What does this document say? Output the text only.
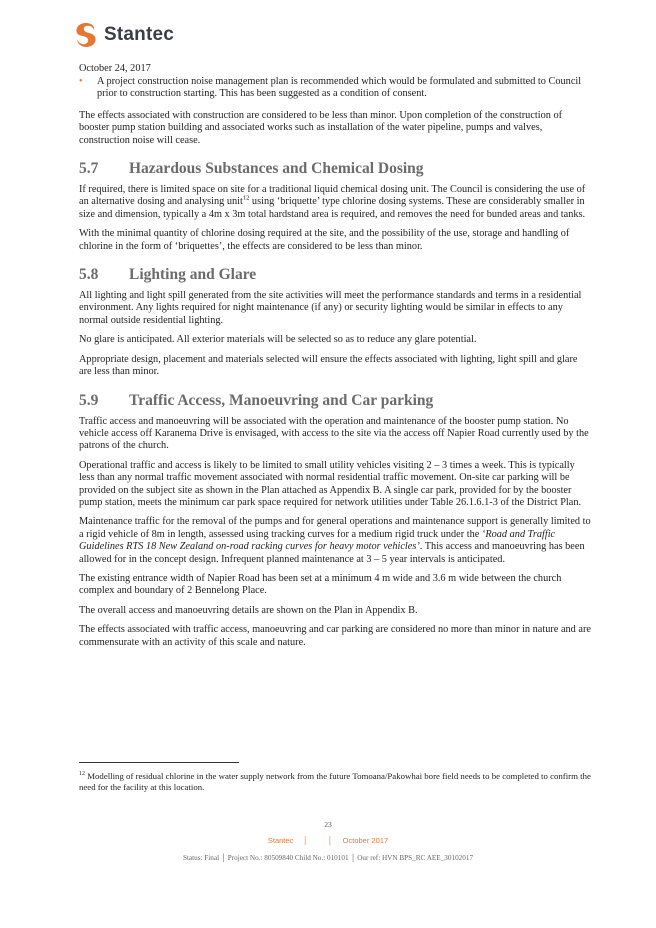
Stantec
October 24, 2017
•	A project construction noise management plan is recommended which would be formulated and submitted to Council prior to construction starting. This has been suggested as a condition of consent.

The effects associated with construction are considered to be less than minor. Upon completion of the construction of booster pump station building and associated works such as installation of the water pipeline, pumps and valves, construction noise will cease.

5.7 Hazardous Substances and Chemical Dosing

If required, there is limited space on site for a traditional liquid chemical dosing unit. The Council is considering the use of an alternative dosing and analysing unit$^{12}$ using ‘briquette’ type chlorine dosing systems. These are considerably smaller in size and dimension, typically a 4m x 3m total hardstand area is required, and removes the need for bunded areas and tanks.

With the minimal quantity of chlorine dosing required at the site, and the possibility of the use, storage and handling of chlorine in the form of ‘briquettes’, the effects are considered to be less than minor.

5.8 Lighting and Glare

All lighting and light spill generated from the site activities will meet the performance standards and terms in a residential environment. Any lights required for night maintenance (if any) or security lighting would be similar in effects to any normal outside residential lighting.

No glare is anticipated. All exterior materials will be selected so as to reduce any glare potential.

Appropriate design, placement and materials selected will ensure the effects associated with lighting, light spill and glare are less than minor.

5.9 Traffic Access, Manoeuvring and Car parking

Traffic access and manoeuvring will be associated with the operation and maintenance of the booster pump station. No vehicle access off Karanema Drive is envisaged, with access to the site via the access off Napier Road currently used by the patrons of the church.

Operational traffic and access is likely to be limited to small utility vehicles visiting 2 – 3 times a week. This is typically less than any normal traffic movement associated with normal residential traffic movement. On-site car parking will be provided on the subject site as shown in the Plan attached as Appendix B. A single car park, provided for by the booster pump station, meets the minimum car park space required for network utilities under Table 26.1.6.1-3 of the District Plan.

Maintenance traffic for the removal of the pumps and for general operations and maintenance support is generally limited to a rigid vehicle of 8m in length, assessed using tracking curves for a medium rigid truck under the ‘Road and Traffic Guidelines RTS 18 New Zealand on-road racking curves for heavy motor vehicles’. This access and manoeuvring has been allowed for in the concept design. Infrequent planned maintenance at 3 – 5 year intervals is anticipated.

The existing entrance width of Napier Road has been set at a minimum 4 m wide and 3.6 m wide between the church complex and boundary of 2 Bennelong Place.

The overall access and manoeuvring details are shown on the Plan in Appendix B.

The effects associated with traffic access, manoeuvring and car parking are considered no more than minor in nature and are commensurate with an activity of this scale and nature.

$^{12}$ Modelling of residual chlorine in the water supply network from the future Tomoana/Pakowhai bore field needs to be completed to confirm the need for the facility at this location.
23
Stantec │	│ October 2017
Status: Final │ Project No.: 80509840 Child No.: 010101 │ Our ref: HVN BPS_RC AEE_30102017
